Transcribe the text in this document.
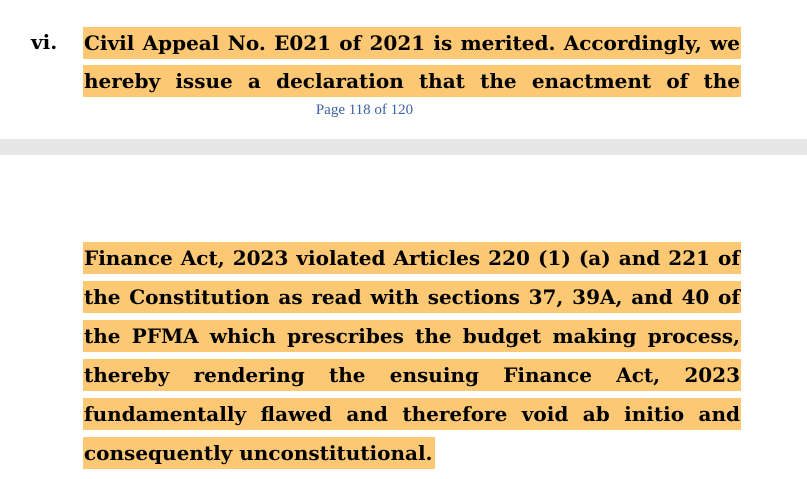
vi. Civil Appeal No. E021 of 2021 is merited. Accordingly, we
hereby issue a declaration that the enactment of the
Page 118 of 120
Finance Act, 2023 violated Articles 220 (1) (a) and 221 of
the Constitution as read with sections 37, 39A, and 40 of
the PFMA which prescribes the budget making process,
thereby rendering the ensuing Finance Act, 2023
fundamentally flawed and therefore void ab initio and
consequently unconstitutional.
